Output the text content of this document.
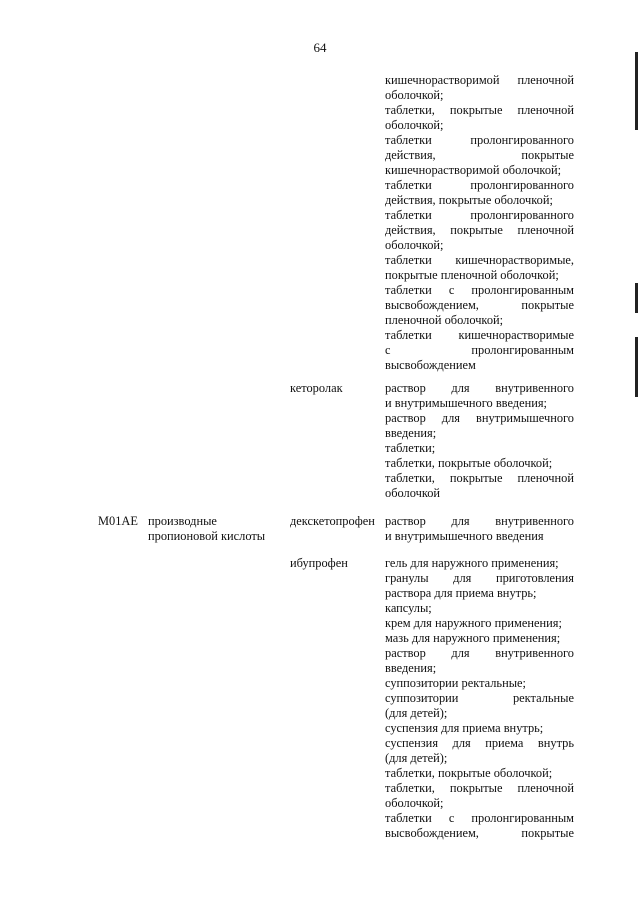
64
кишечнорастворимой пленочной
оболочкой;
таблетки, покрытые пленочной
оболочкой;
таблетки пролонгированного
действия, покрытые
кишечнорастворимой оболочкой;
таблетки пролонгированного
действия, покрытые оболочкой;
таблетки пролонгированного
действия, покрытые пленочной
оболочкой;
таблетки кишечнорастворимые,
покрытые пленочной оболочкой;
таблетки с пролонгированным
высвобождением, покрытые
пленочной оболочкой;
таблетки кишечнорастворимые
с пролонгированным
высвобождением
кеторолак	раствор для внутривенного
и внутримышечного введения;
раствор для внутримышечного
введения;
таблетки;
таблетки, покрытые оболочкой;
таблетки, покрытые пленочной
оболочкой
M01AE производные
пропионовой кислоты
декскетопрофен раствор для внутривенного
и внутримышечного введения
ибупрофен	гель для наружного применения;
гранулы для приготовления
раствора для приема внутрь;
капсулы;
крем для наружного применения;
мазь для наружного применения;
раствор для внутривенного
введения;
суппозитории ректальные;
суппозитории ректальные
(для детей);
суспензия для приема внутрь;
суспензия для приема внутрь
(для детей);
таблетки, покрытые оболочкой;
таблетки, покрытые пленочной
оболочкой;
таблетки с пролонгированным
высвобождением, покрытые
